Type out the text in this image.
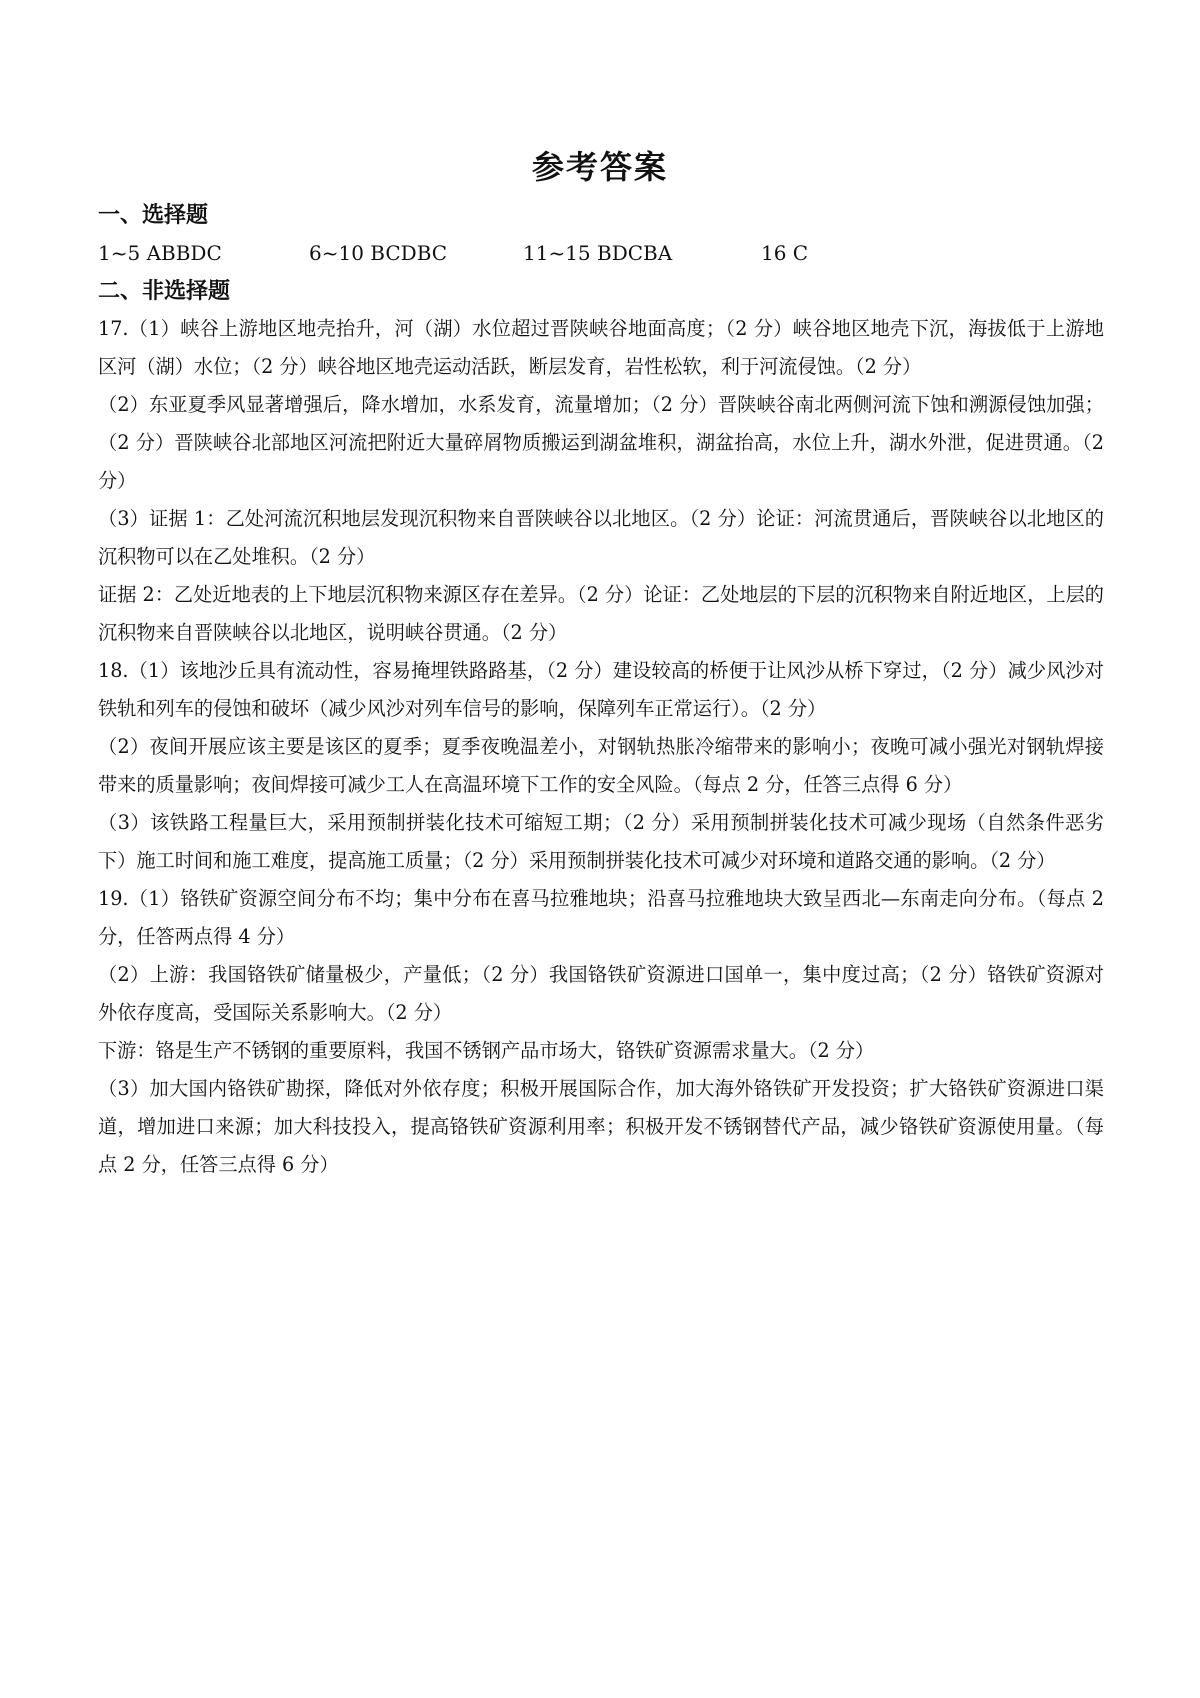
参考答案
一、选择题
1~5 ABBDC	6~10 BCDBC	11~15 BDCBA	16 C
二、非选择题

17.（1）峡谷上游地区地壳抬升，河（湖）水位超过晋陕峡谷地面高度；（2 分）峡谷地区地壳下沉，海拔低于上游地区河（湖）水位；（2 分）峡谷地区地壳运动活跃，断层发育，岩性松软，利于河流侵蚀。（2 分）

（2）东亚夏季风显著增强后，降水增加，水系发育，流量增加；（2 分）晋陕峡谷南北两侧河流下蚀和溯源侵蚀加强；（2 分）晋陕峡谷北部地区河流把附近大量碎屑物质搬运到湖盆堆积，湖盆抬高，水位上升，湖水外泄，促进贯通。（2 分）

（3）证据 1：乙处河流沉积地层发现沉积物来自晋陕峡谷以北地区。（2 分）论证：河流贯通后，晋陕峡谷以北地区的沉积物可以在乙处堆积。（2 分）

证据 2：乙处近地表的上下地层沉积物来源区存在差异。（2 分）论证：乙处地层的下层的沉积物来自附近地区，上层的沉积物来自晋陕峡谷以北地区，说明峡谷贯通。（2 分）

18.（1）该地沙丘具有流动性，容易掩埋铁路路基，（2 分）建设较高的桥便于让风沙从桥下穿过，（2 分）减少风沙对铁轨和列车的侵蚀和破坏（减少风沙对列车信号的影响，保障列车正常运行）。（2 分）

（2）夜间开展应该主要是该区的夏季；夏季夜晚温差小，对钢轨热胀冷缩带来的影响小；夜晚可减小强光对钢轨焊接带来的质量影响；夜间焊接可减少工人在高温环境下工作的安全风险。（每点 2 分，任答三点得 6 分）

（3）该铁路工程量巨大，采用预制拼装化技术可缩短工期；（2 分）采用预制拼装化技术可减少现场（自然条件恶劣下）施工时间和施工难度，提高施工质量；（2 分）采用预制拼装化技术可减少对环境和道路交通的影响。（2 分）

19.（1）铬铁矿资源空间分布不均；集中分布在喜马拉雅地块；沿喜马拉雅地块大致呈西北—东南走向分布。（每点 2 分，任答两点得 4 分）

（2）上游：我国铬铁矿储量极少，产量低；（2 分）我国铬铁矿资源进口国单一，集中度过高；（2 分）铬铁矿资源对外依存度高，受国际关系影响大。（2 分）

下游：铬是生产不锈钢的重要原料，我国不锈钢产品市场大，铬铁矿资源需求量大。（2 分）

（3）加大国内铬铁矿勘探，降低对外依存度；积极开展国际合作，加大海外铬铁矿开发投资；扩大铬铁矿资源进口渠道，增加进口来源；加大科技投入，提高铬铁矿资源利用率；积极开发不锈钢替代产品，减少铬铁矿资源使用量。（每点 2 分，任答三点得 6 分）
